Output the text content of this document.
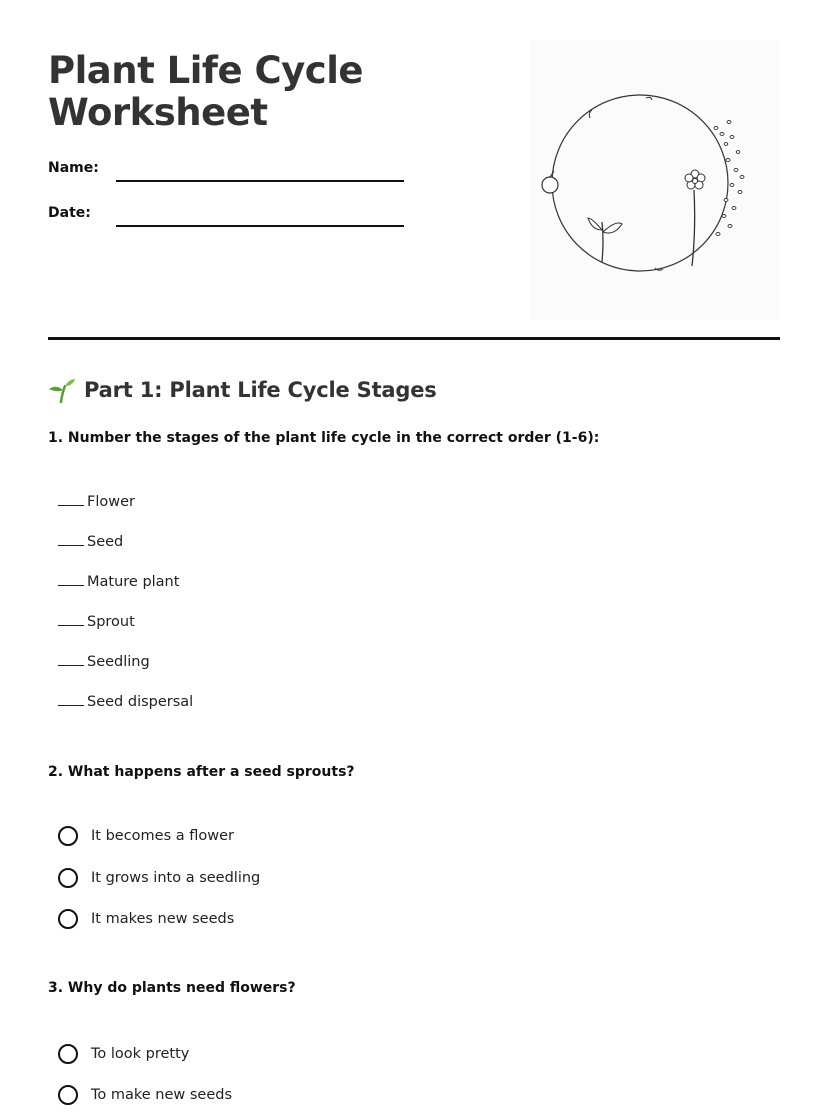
Plant Life Cycle
Worksheet
Name:
Date:
Part 1: Plant Life Cycle Stages
1. Number the stages of the plant life cycle in the correct order (1-6):
Flower
Seed
Mature plant
Sprout
Seedling
Seed dispersal
2. What happens after a seed sprouts?
It becomes a flower
It grows into a seedling
It makes new seeds
3. Why do plants need flowers?
To look pretty
To make new seeds
